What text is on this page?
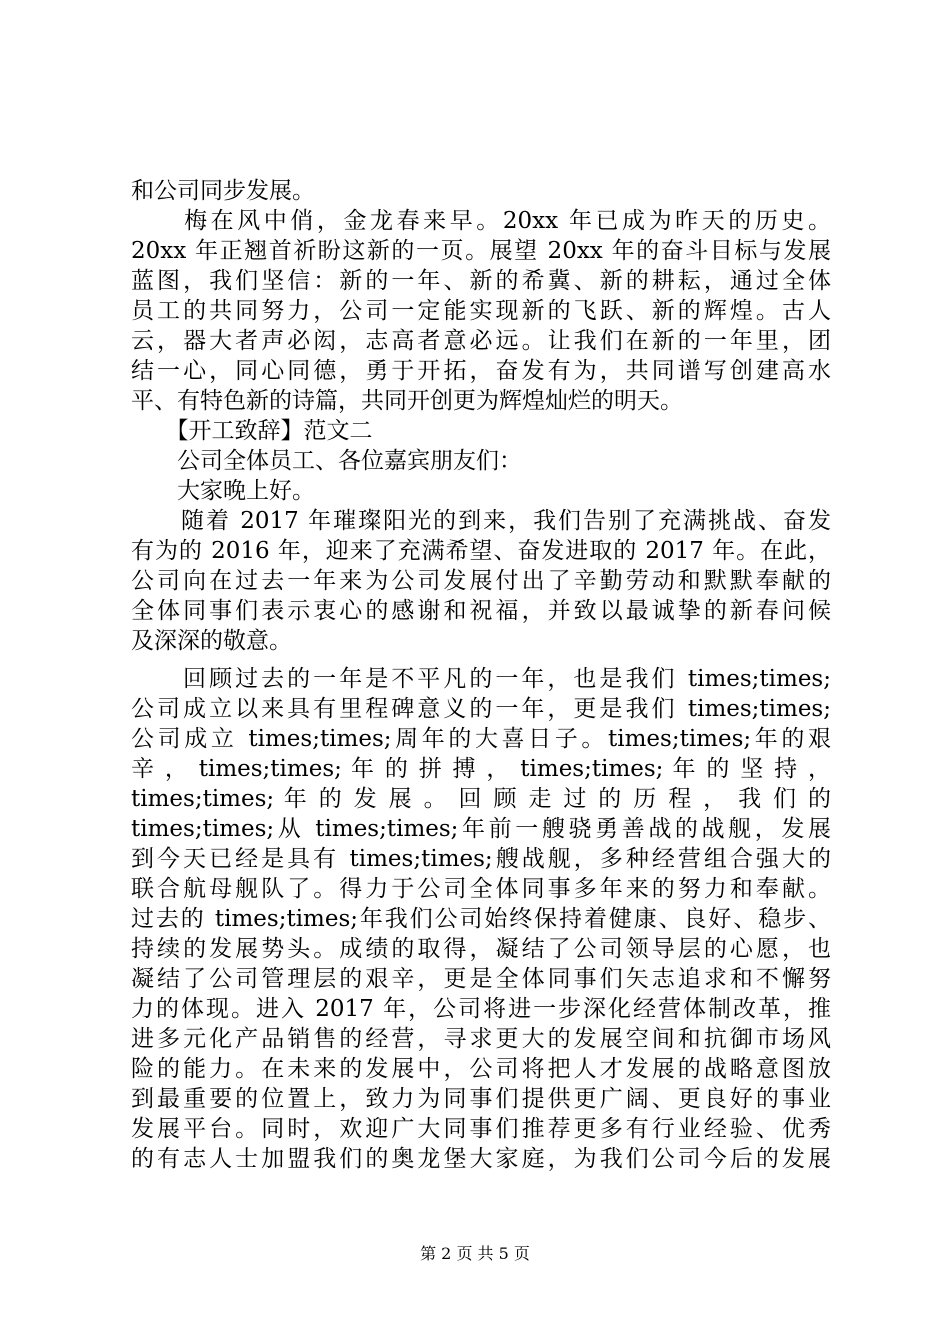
和公司同步发展。
　　梅在风中俏，金龙春来早。20xx 年已成为昨天的历史。
20xx 年正翘首祈盼这新的一页。展望 20xx 年的奋斗目标与发展
蓝图，我们坚信：新的一年、新的希冀、新的耕耘，通过全体
员工的共同努力，公司一定能实现新的飞跃、新的辉煌。古人
云，器大者声必闳，志高者意必远。让我们在新的一年里，团
结一心，同心同德，勇于开拓，奋发有为，共同谱写创建高水
平、有特色新的诗篇，共同开创更为辉煌灿烂的明天。
　　【开工致辞】范文二
　　公司全体员工、各位嘉宾朋友们：
　　大家晚上好。
　　随着 2017 年璀璨阳光的到来，我们告别了充满挑战、奋发
有为的 2016 年，迎来了充满希望、奋发进取的 2017 年。在此，
公司向在过去一年来为公司发展付出了辛勤劳动和默默奉献的
全体同事们表示衷心的感谢和祝福，并致以最诚挚的新春问候
及深深的敬意。
　　回顾过去的一年是不平凡的一年，也是我们 times;times;
公司成立以来具有里程碑意义的一年，更是我们 times;times;
公司成立 times;times;周年的大喜日子。times;times;年的艰
辛 ， times;times; 年 的 拼 搏 ， times;times; 年 的 坚 持 ，
times;times; 年 的 发 展 。 回 顾 走 过 的 历 程 ， 我 们 的
times;times;从 times;times;年前一艘骁勇善战的战舰，发展
到今天已经是具有 times;times;艘战舰，多种经营组合强大的
联合航母舰队了。得力于公司全体同事多年来的努力和奉献。
过去的 times;times;年我们公司始终保持着健康、良好、稳步、
持续的发展势头。成绩的取得，凝结了公司领导层的心愿，也
凝结了公司管理层的艰辛，更是全体同事们矢志追求和不懈努
力的体现。进入 2017 年，公司将进一步深化经营体制改革，推
进多元化产品销售的经营，寻求更大的发展空间和抗御市场风
险的能力。在未来的发展中，公司将把人才发展的战略意图放
到最重要的位置上，致力为同事们提供更广阔、更良好的事业
发展平台。同时，欢迎广大同事们推荐更多有行业经验、优秀
的有志人士加盟我们的奥龙堡大家庭，为我们公司今后的发展
第 2 页 共 5 页
